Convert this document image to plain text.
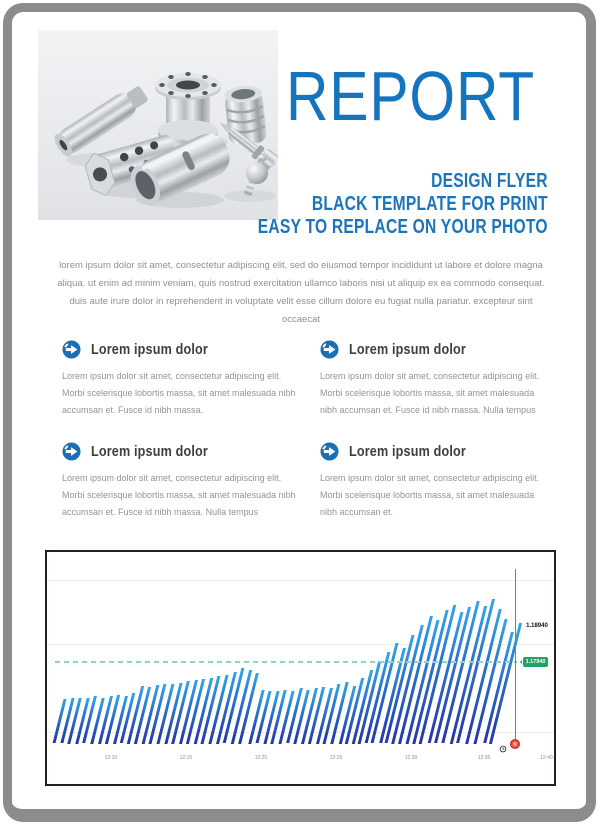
REPORT
DESIGN FLYER
BLACK TEMPLATE FOR PRINT
EASY TO REPLACE ON YOUR PHOTO

lorem ipsum dolor sit amet, consectetur adipiscing elit, sed do eiusmod tempor incididunt ut labore et dolore magna aliqua. ut enim ad minim veniam, quis nostrud exercitation ullamco laboris nisi ut aliquip ex ea commodo consequat. duis aute irure dolor in reprehenderit in voluptate velit esse cillum dolore eu fugiat nulla pariatur. excepteur sint occaecat

Lorem ipsum dolor
Lorem ipsum dolor sit amet, consectetur adipiscing elit. Morbi scelerisque lobortis massa, sit amet malesuada nibh accumsan et. Fusce id nibh massa.
Lorem ipsum dolor
Lorem ipsum dolor sit amet, consectetur adipiscing elit. Morbi scelerisque lobortis massa, sit amet malesuada nibh accumsan et. Fusce id nibh massa. Nulla tempus
Lorem ipsum dolor
Lorem ipsum dolor sit amet, consectetur adipiscing elit. Morbi scelerisque lobortis massa, sit amet malesuada nibh accumsan et. Fusce id nibh massa. Nulla tempus
Lorem ipsum dolor
Lorem ipsum dolor sit amet, consectetur adipiscing elit. Morbi scelerisque lobortis massa, sit amet malesuada nibh accumsan et.
1.17940
1.18940
12:10	12:15	12:20	12:25	12:30	12:35	12:40
